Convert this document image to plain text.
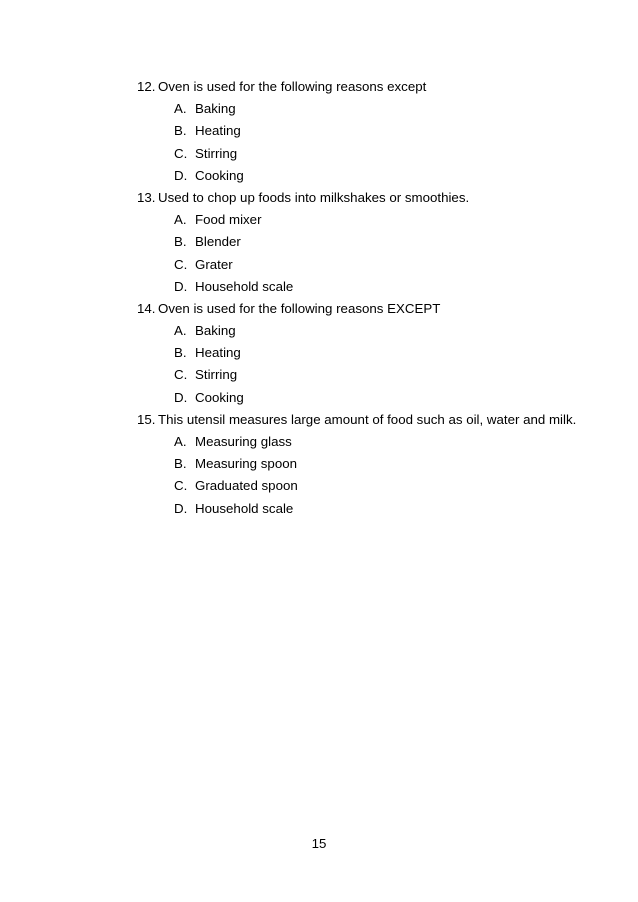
12. Oven is used for the following reasons except
A. Baking
B. Heating
C. Stirring
D. Cooking
13. Used to chop up foods into milkshakes or smoothies.
A. Food mixer
B. Blender
C. Grater
D. Household scale
14. Oven is used for the following reasons EXCEPT
A. Baking
B. Heating
C. Stirring
D. Cooking
15. This utensil measures large amount of food such as oil, water and milk.
A. Measuring glass
B. Measuring spoon
C. Graduated spoon
D. Household scale
15
